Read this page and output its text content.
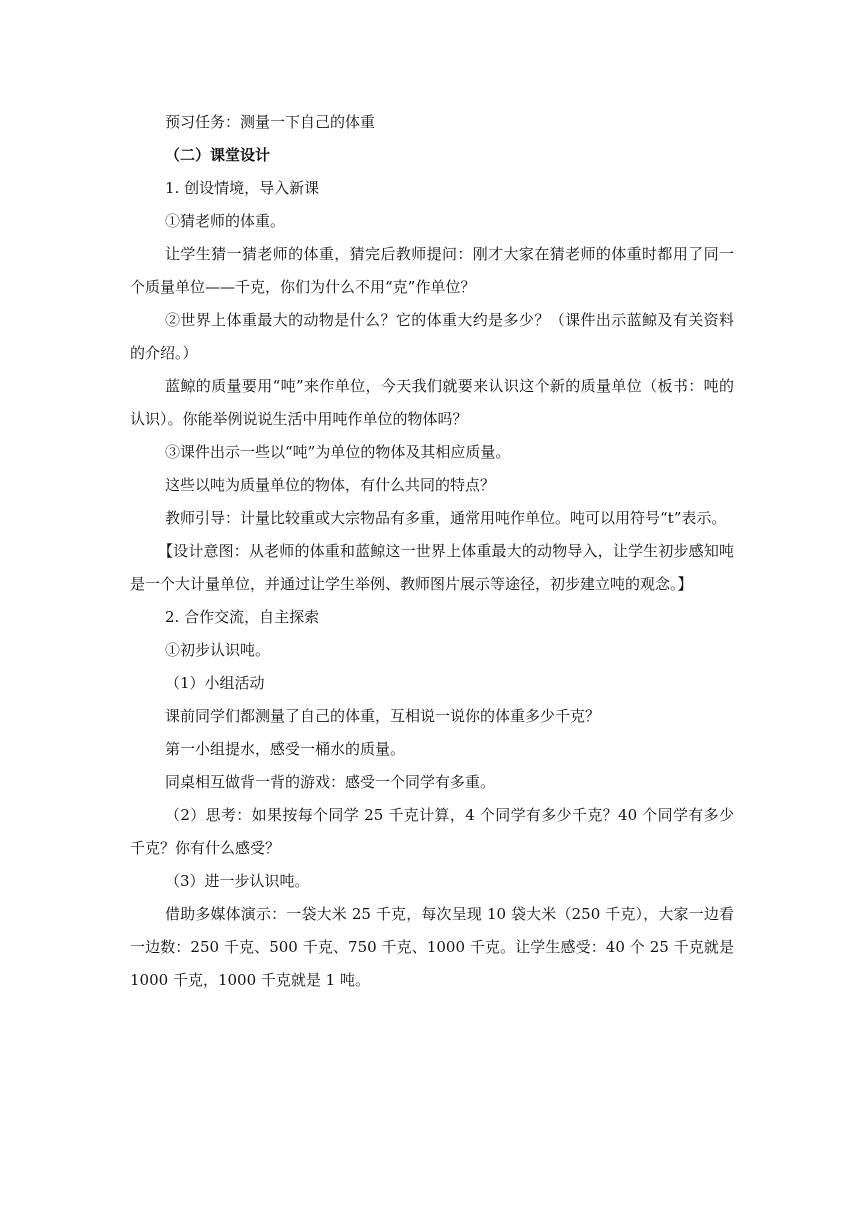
预习任务：测量一下自己的体重

（二）课堂设计

1. 创设情境，导入新课

①猜老师的体重。

让学生猜一猜老师的体重，猜完后教师提问：刚才大家在猜老师的体重时都用了同一个质量单位——千克，你们为什么不用“克”作单位？

②世界上体重最大的动物是什么？它的体重大约是多少？（课件出示蓝鲸及有关资料的介绍。）

蓝鲸的质量要用“吨”来作单位，今天我们就要来认识这个新的质量单位（板书：吨的认识）。你能举例说说生活中用吨作单位的物体吗？

③课件出示一些以“吨”为单位的物体及其相应质量。

这些以吨为质量单位的物体，有什么共同的特点？

教师引导：计量比较重或大宗物品有多重，通常用吨作单位。吨可以用符号“t”表示。

【设计意图：从老师的体重和蓝鲸这一世界上体重最大的动物导入，让学生初步感知吨是一个大计量单位，并通过让学生举例、教师图片展示等途径，初步建立吨的观念。】

2. 合作交流，自主探索

①初步认识吨。

（1）小组活动

课前同学们都测量了自己的体重，互相说一说你的体重多少千克？

第一小组提水，感受一桶水的质量。

同桌相互做背一背的游戏：感受一个同学有多重。

（2）思考：如果按每个同学 25 千克计算，4 个同学有多少千克？40 个同学有多少千克？你有什么感受？

（3）进一步认识吨。

借助多媒体演示：一袋大米 25 千克，每次呈现 10 袋大米（250 千克），大家一边看一边数：250 千克、500 千克、750 千克、1000 千克。让学生感受：40 个 25 千克就是 1000 千克，1000 千克就是 1 吨。
